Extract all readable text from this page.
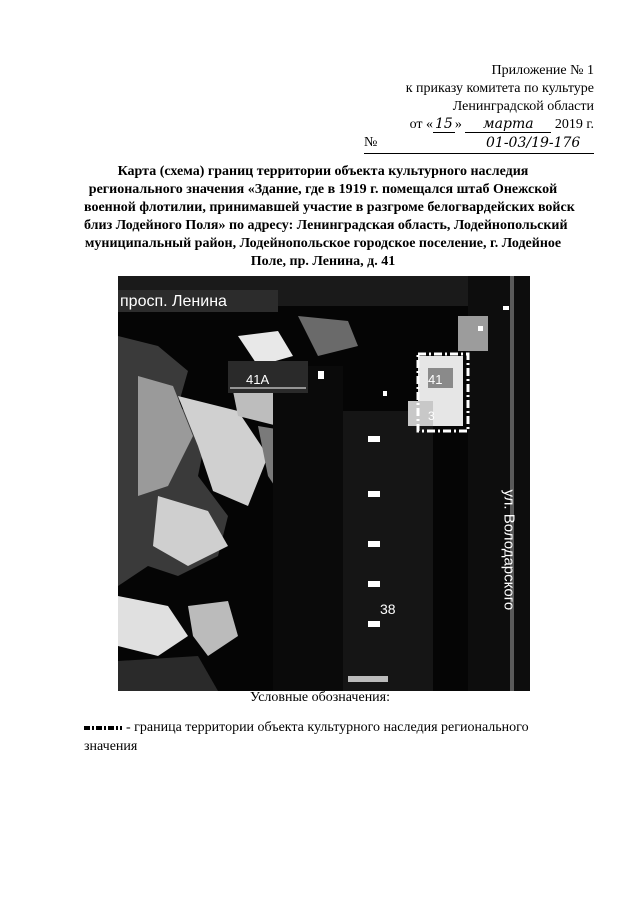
Приложение № 1
к приказу комитета по культуре
Ленинградской области
от « 15 » марта 2019 г.
№	01-03/19-176
Карта (схема) границ территории объекта культурного наследия
регионального значения «Здание, где в 1919 г. помещался штаб Онежской
военной флотилии, принимавшей участие в разгроме белогвардейских войск
близ Лодейного Поля» по адресу: Ленинградская область, Лодейнопольский
муниципальный район, Лодейнопольское городское поселение, г. Лодейное
Поле, пр. Ленина, д. 41
просп. Ленина
41А	41
3
38	ул. Володарского
Условные обозначения:
- граница территории объекта культурного наследия регионального значения
